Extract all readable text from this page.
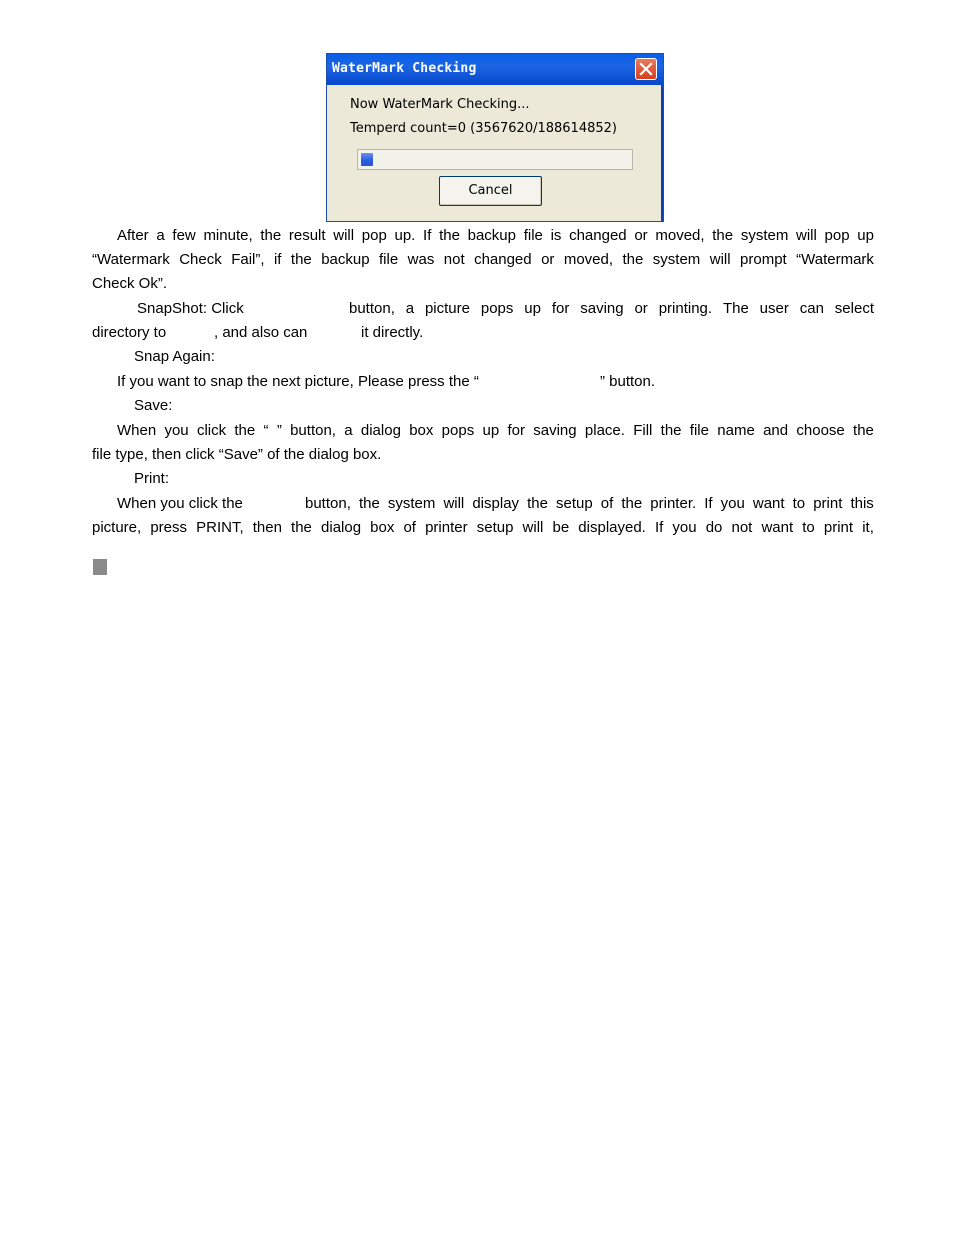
WaterMark Checking
Now WaterMark Checking...
Temperd count=0 (3567620/188614852)
Cancel
After a few minute, the result will pop up. If the backup file is changed or moved, the system will pop up
“Watermark Check Fail”, if the backup file was not changed or moved, the system will prompt “Watermark
Check Ok”.
SnapShot: Click	button, a picture pops up for saving or printing. The user can select
directory to	, and also can	it directly.
Snap Again:
If you want to snap the next picture, Please press the “	” button.
Save:
When you click the “ ” button, a dialog box pops up for saving place. Fill the file name and choose the
file type, then click “Save” of the dialog box.
Print:
When you click the	button, the system will display the setup of the printer. If you want to print this
picture, press PRINT, then the dialog box of printer setup will be displayed. If you do not want to print it,
